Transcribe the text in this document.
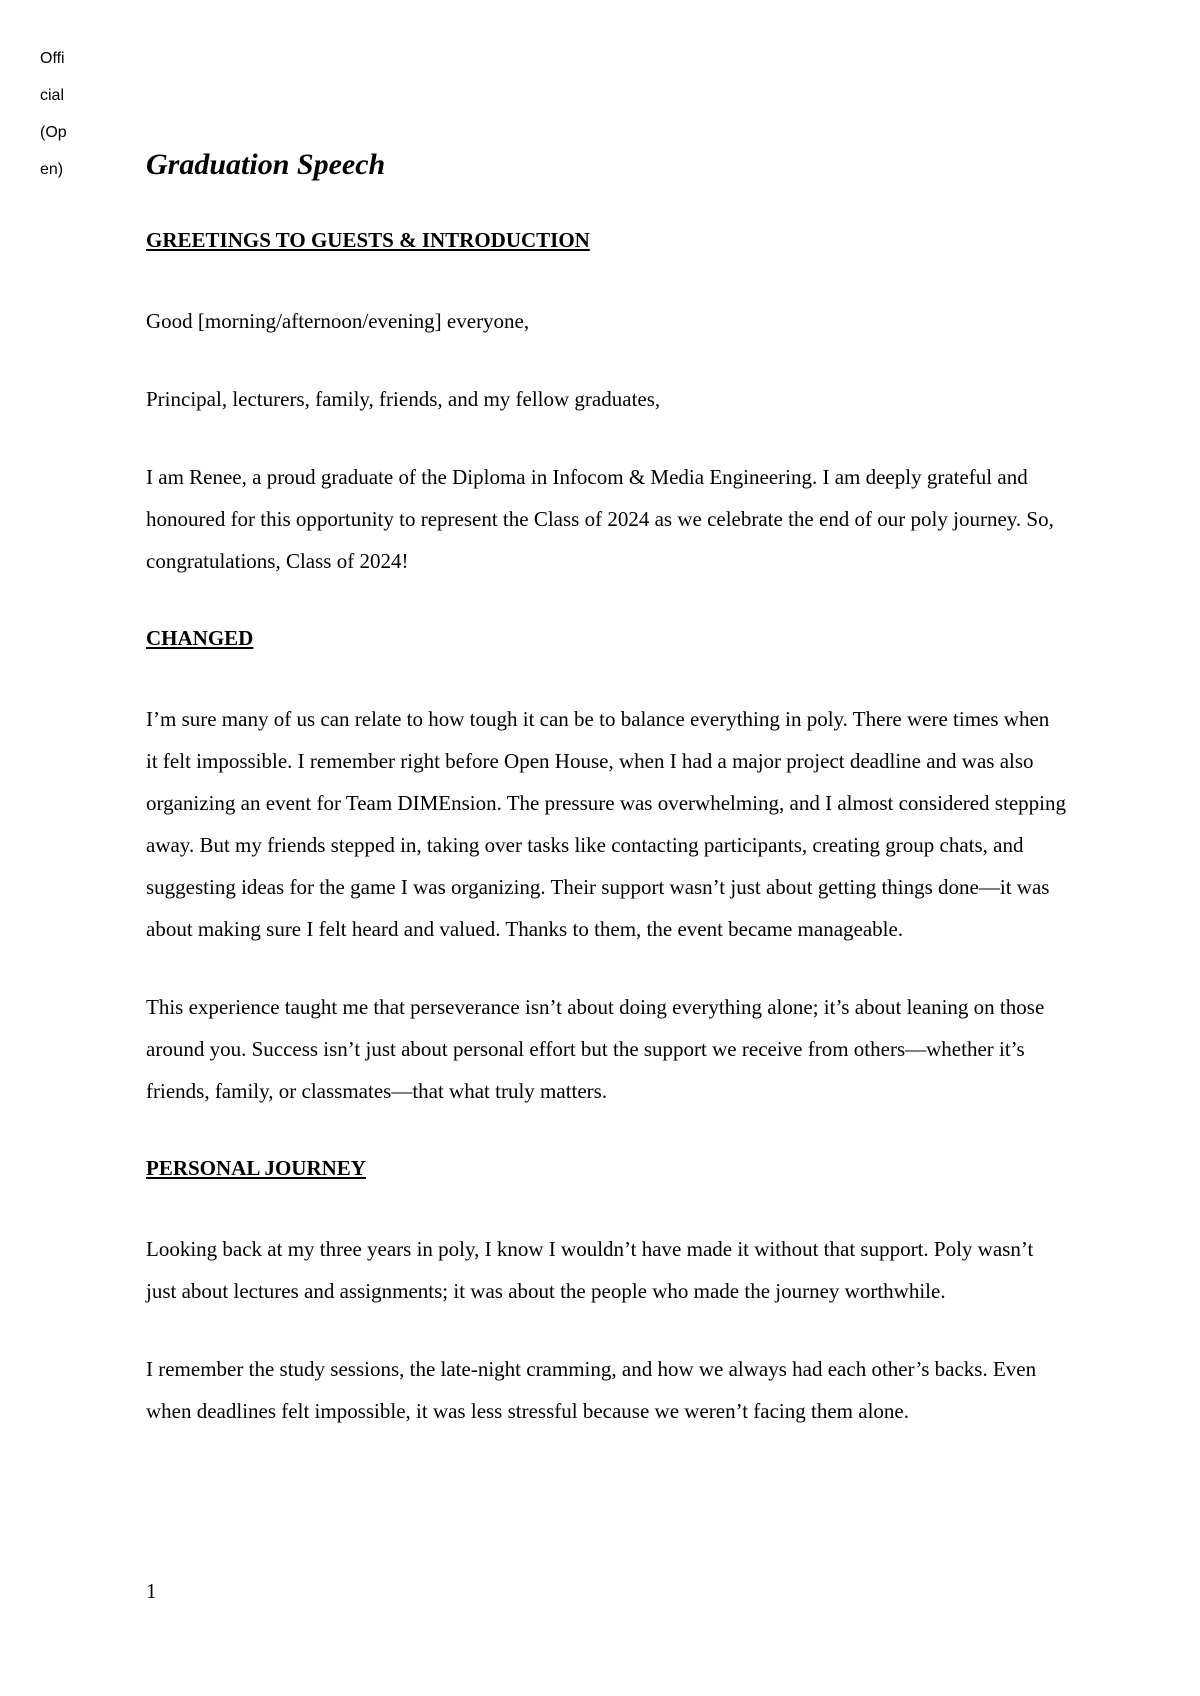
Offi
cial
(Op
en)	Graduation Speech
GREETINGS TO GUESTS & INTRODUCTION

Good [morning/afternoon/evening] everyone,

Principal, lecturers, family, friends, and my fellow graduates,

I am Renee, a proud graduate of the Diploma in Infocom & Media Engineering. I am deeply grateful and honoured for this opportunity to represent the Class of 2024 as we celebrate the end of our poly journey. So, congratulations, Class of 2024!

CHANGED

I’m sure many of us can relate to how tough it can be to balance everything in poly. There were times when it felt impossible. I remember right before Open House, when I had a major project deadline and was also organizing an event for Team DIMEnsion. The pressure was overwhelming, and I almost considered stepping away. But my friends stepped in, taking over tasks like contacting participants, creating group chats, and suggesting ideas for the game I was organizing. Their support wasn’t just about getting things done—it was about making sure I felt heard and valued. Thanks to them, the event became manageable.

This experience taught me that perseverance isn’t about doing everything alone; it’s about leaning on those around you. Success isn’t just about personal effort but the support we receive from others—whether it’s friends, family, or classmates—that what truly matters.

PERSONAL JOURNEY

Looking back at my three years in poly, I know I wouldn’t have made it without that support. Poly wasn’t just about lectures and assignments; it was about the people who made the journey worthwhile.

I remember the study sessions, the late-night cramming, and how we always had each other’s backs. Even when deadlines felt impossible, it was less stressful because we weren’t facing them alone.

1
